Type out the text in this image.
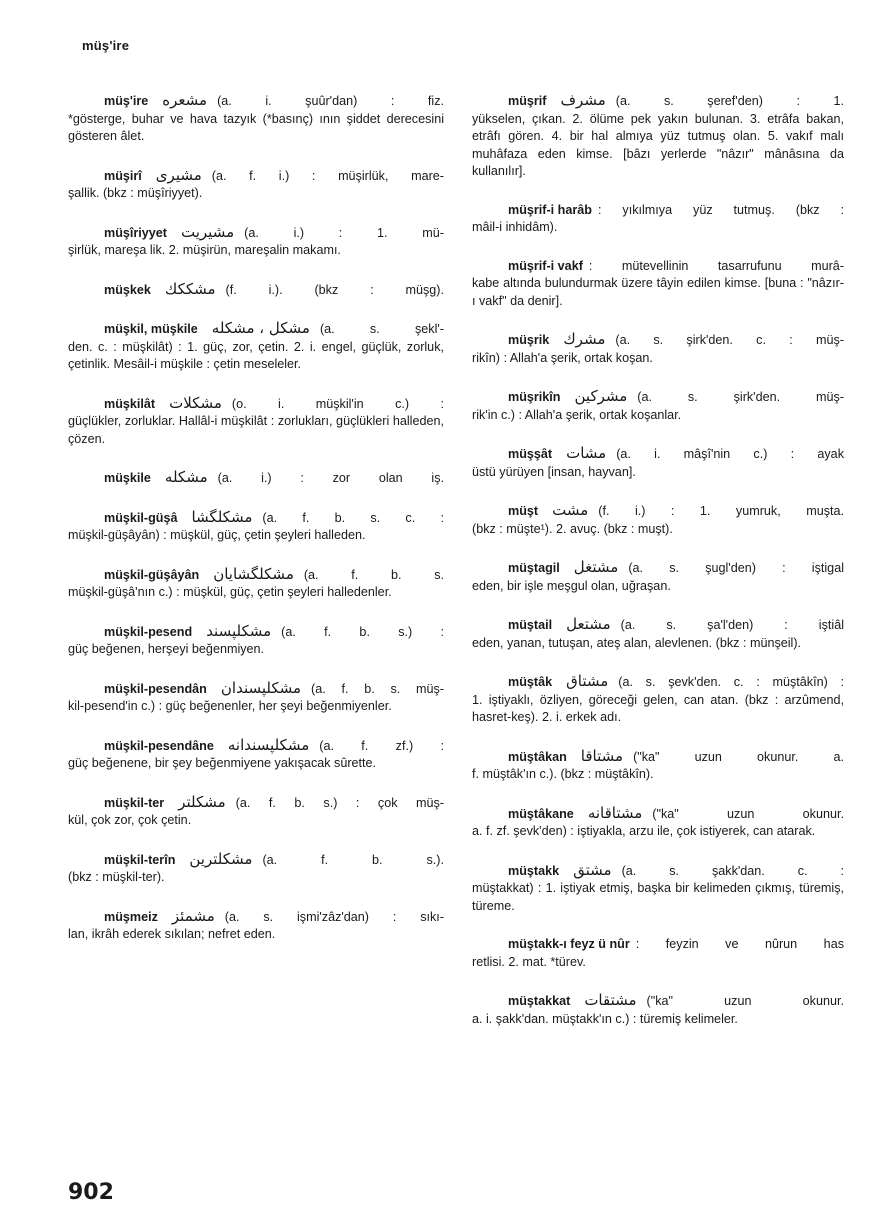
müş'ire
müş'ire مشعره (a. i. şuûr'dan) : fiz.
*gösterge, buhar ve hava tazyık (*basınç) ının şiddet derecesini gösteren âlet.
müşirî مشيرى (a. f. i.) : müşirlük, mare-
şallik. (bkz : müşîriyyet).
müşîriyyet مشيريت (a. i.) : 1. mü-
şirlük, mareşa lik. 2. müşirün, mareşalin makamı.
müşkek مشككك (f. i.). (bkz : müşg).
müşkil, müşkile مشكل ، مشكله (a. s. şekl'-
den. c. : müşkilât) : 1. güç, zor, çetin. 2. i. engel, güçlük, zorluk, çetinlik. Mesâil-i müşkile : çetin meseleler.
müşkilât مشكلات (o. i. müşkil'in c.) :
güçlükler, zorluklar. Hallâl-i müşkilât : zorlukları, güçlükleri halleden, çözen.
müşkile مشكله (a. i.) : zor olan iş.
müşkil-güşâ مشكلگشا (a. f. b. s. c. :
müşkil-güşâyân) : müşkül, güç, çetin şeyleri halleden.
müşkil-güşâyân مشكلگشايان (a. f. b. s.
müşkil-güşâ'nın c.) : müşkül, güç, çetin şeyleri halledenler.
müşkil-pesend مشكلپسند (a. f. b. s.) :
güç beğenen, herşeyi beğenmiyen.
müşkil-pesendân مشكلپسندان (a. f. b. s. müş-
kil-pesend'in c.) : güç beğenenler, her şeyi beğenmiyenler.
müşkil-pesendâne مشكلپسندانه (a. f. zf.) :
güç beğenene, bir şey beğenmiyene yakışacak sûrette.
müşkil-ter مشكلتر (a. f. b. s.) : çok müş-
kül, çok zor, çok çetin.
müşkil-terîn مشكلترين (a. f. b. s.).
(bkz : müşkil-ter).
müşmeiz مشمئز (a. s. işmi'zâz'dan) : sıkı-
lan, ikrâh ederek sıkılan; nefret eden.
müşrif مشرف (a. s. şeref'den) : 1.
yükselen, çıkan. 2. ölüme pek yakın bulunan. 3. etrâfa bakan, etrâfı gören. 4. bir hal almıya yüz tutmuş olan. 5. vakıf malı muhâfaza eden kimse. [bâzı yerlerde "nâzır" mânâsına da kullanılır].
müşrif-i harâb : yıkılmıya yüz tutmuş. (bkz :
mâil-i inhidâm).
müşrif-i vakf : mütevellinin tasarrufunu murâ-
kabe altında bulundurmak üzere tâyin edilen kimse. [buna : "nâzır-ı vakf" da denir].
müşrik مشرك (a. s. şirk'den. c. : müş-
rikîn) : Allah'a şerik, ortak koşan.
müşrikîn مشركين (a. s. şirk'den. müş-
rik'in c.) : Allah'a şerik, ortak koşanlar.
müşşât مشات (a. i. mâşî'nin c.) : ayak
üstü yürüyen [insan, hayvan].
müşt مشت (f. i.) : 1. yumruk, muşta.
(bkz : müşte¹). 2. avuç. (bkz : muşt).
müştagil مشتغل (a. s. şugl'den) : iştigal
eden, bir işle meşgul olan, uğraşan.
müştail مشتعل (a. s. şa'l'den) : iştiâl
eden, yanan, tutuşan, ateş alan, alevlenen. (bkz : münşeil).
müştâk مشتاق (a. s. şevk'den. c. : müştâkîn) :
1. iştiyaklı, özliyen, göreceği gelen, can atan. (bkz : arzûmend, hasret-keş). 2. i. erkek adı.
müştâkan مشتاقا ("ka" uzun okunur. a.
f. müştâk'ın c.). (bkz : müştâkîn).
müştâkane مشتاقانه ("ka" uzun okunur.
a. f. zf. şevk'den) : iştiyakla, arzu ile, çok istiyerek, can atarak.
müştakk مشتق (a. s. şakk'dan. c. :
müştakkat) : 1. iştiyak etmiş, başka bir kelimeden çıkmış, türemiş, türeme.
müştakk-ı feyz ü nûr : feyzin ve nûrun has
retlisi. 2. mat. *türev.
müştakkat مشتقات ("ka" uzun okunur.
a. i. şakk'dan. müştakk'ın c.) : türemiş kelimeler.
902
